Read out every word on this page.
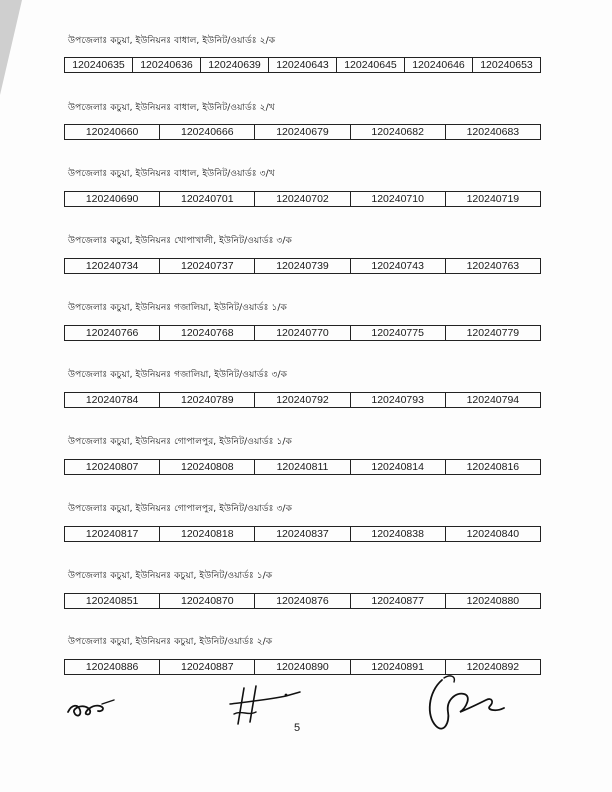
উপজেলাঃ কচুয়া, ইউনিয়নঃ বাধাল, ইউনিট/ওয়ার্ডঃ ২/ক
120240635	120240636	120240639	120240643	120240645	120240646	120240653
উপজেলাঃ কচুয়া, ইউনিয়নঃ বাধাল, ইউনিট/ওয়ার্ডঃ ২/খ
120240660	120240666	120240679	120240682	120240683
উপজেলাঃ কচুয়া, ইউনিয়নঃ বাধাল, ইউনিট/ওয়ার্ডঃ ৩/খ
120240690	120240701	120240702	120240710	120240719
উপজেলাঃ কচুয়া, ইউনিয়নঃ খোপাখালী, ইউনিট/ওয়ার্ডঃ ৩/ক
120240734	120240737	120240739	120240743	120240763
উপজেলাঃ কচুয়া, ইউনিয়নঃ গজালিয়া, ইউনিট/ওয়ার্ডঃ ১/ক
120240766	120240768	120240770	120240775	120240779
উপজেলাঃ কচুয়া, ইউনিয়নঃ গজালিয়া, ইউনিট/ওয়ার্ডঃ ৩/ক
120240784	120240789	120240792	120240793	120240794
উপজেলাঃ কচুয়া, ইউনিয়নঃ গোপালপুর, ইউনিট/ওয়ার্ডঃ ১/ক
120240807	120240808	120240811	120240814	120240816
উপজেলাঃ কচুয়া, ইউনিয়নঃ গোপালপুর, ইউনিট/ওয়ার্ডঃ ৩/ক
120240817	120240818	120240837	120240838	120240840
উপজেলাঃ কচুয়া, ইউনিয়নঃ কচুয়া, ইউনিট/ওয়ার্ডঃ ১/ক
120240851	120240870	120240876	120240877	120240880
উপজেলাঃ কচুয়া, ইউনিয়নঃ কচুয়া, ইউনিট/ওয়ার্ডঃ ২/ক
120240886	120240887	120240890	120240891	120240892
5
